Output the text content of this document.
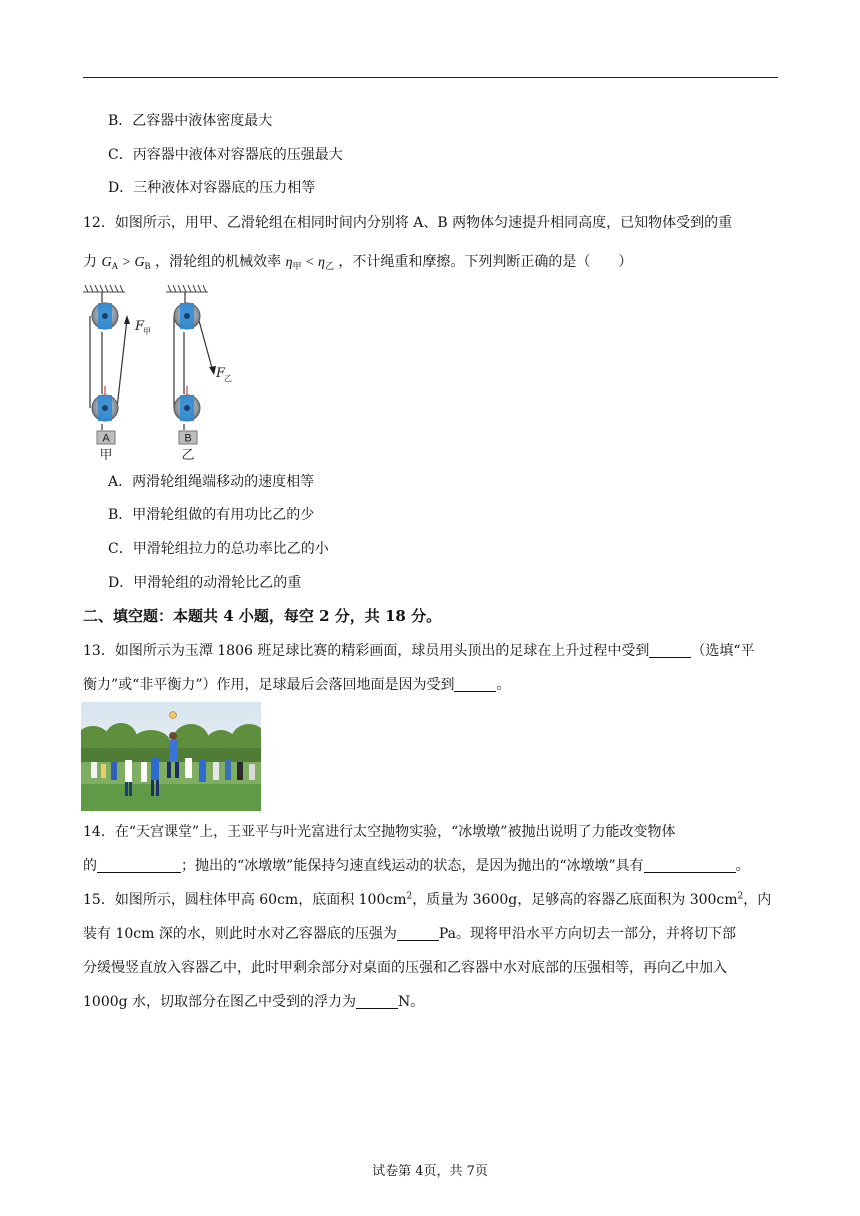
B．乙容器中液体密度最大
C．丙容器中液体对容器底的压强最大
D．三种液体对容器底的压力相等
12．如图所示，用甲、乙滑轮组在相同时间内分别将 A、B 两物体匀速提升相同高度，已知物体受到的重
力 $G_A > G_B$ ，滑轮组的机械效率 $\eta_甲 < \eta_乙$ ，不计绳重和摩擦。下列判断正确的是（　　）
A
甲
F
甲
B
乙
F
乙
A．两滑轮组绳端移动的速度相等
B．甲滑轮组做的有用功比乙的少
C．甲滑轮组拉力的总功率比乙的小
D．甲滑轮组的动滑轮比乙的重
二、填空题：本题共 4 小题，每空 2 分，共 18 分。
13．如图所示为玉潭 1806 班足球比赛的精彩画面，球员用头顶出的足球在上升过程中受到	（选填“平
衡力”或“非平衡力”）作用，足球最后会落回地面是因为受到	。
14．在“天宫课堂”上，王亚平与叶光富进行太空抛物实验，“冰墩墩”被抛出说明了力能改变物体
的	；抛出的“冰墩墩”能保持匀速直线运动的状态，是因为抛出的“冰墩墩”具有	。
15．如图所示，圆柱体甲高 60cm，底面积 $100cm^2$，质量为 3600g，足够高的容器乙底面积为 $300cm^2$，内
装有 10cm 深的水，则此时水对乙容器底的压强为	Pa。现将甲沿水平方向切去一部分，并将切下部
分缓慢竖直放入容器乙中，此时甲剩余部分对桌面的压强和乙容器中水对底部的压强相等，再向乙中加入
1000g 水，切取部分在图乙中受到的浮力为	N。
试卷第 4页，共 7页
